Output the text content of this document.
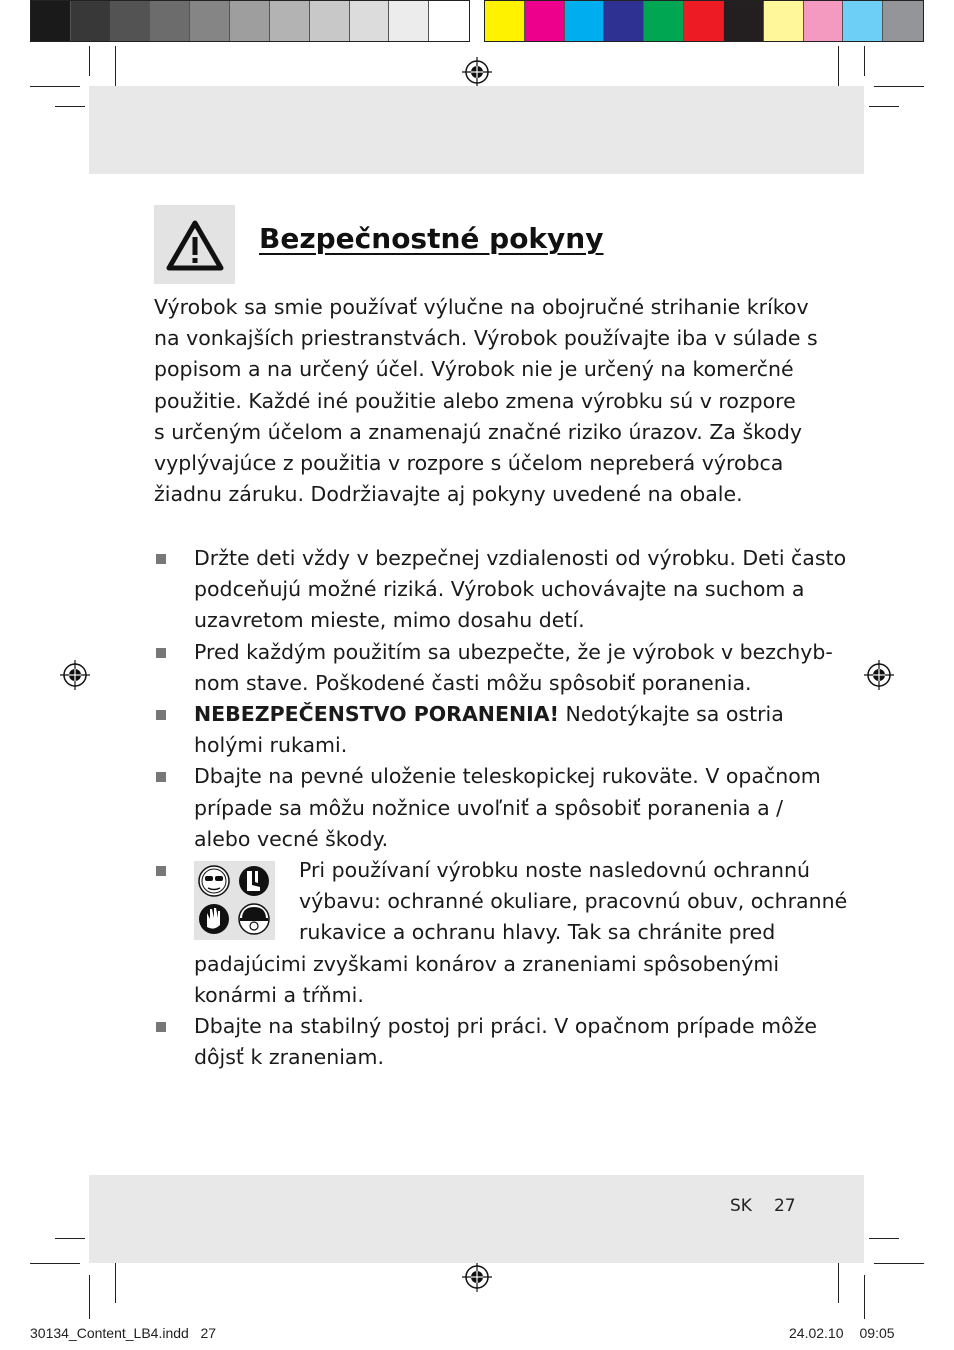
Bezpečnostné pokyny

Výrobok sa smie používať výlučne na obojručné strihanie kríkov
na vonkajších priestranstvách. Výrobok používajte iba v súlade s
popisom a na určený účel. Výrobok nie je určený na komerčné
použitie. Každé iné použitie alebo zmena výrobku sú v rozpore
s určeným účelom a znamenajú značné riziko úrazov. Za škody
vyplývajúce z použitia v rozpore s účelom nepreberá výrobca
žiadnu záruku. Dodržiavajte aj pokyny uvedené na obale.

Držte deti vždy v bezpečnej vzdialenosti od výrobku. Deti často
podceňujú možné riziká. Výrobok uchovávajte na suchom a
uzavretom mieste, mimo dosahu detí.
Pred každým použitím sa ubezpečte, že je výrobok v bezchyb-
nom stave. Poškodené časti môžu spôsobiť poranenia.
NEBEZPEČENSTVO PORANENIA! Nedotýkajte sa ostria
holými rukami.
Dbajte na pevné uloženie teleskopickej rukoväte. V opačnom
prípade sa môžu nožnice uvoľniť a spôsobiť poranenia a /
alebo vecné škody.
Pri používaní výrobku noste nasledovnú ochrannú
výbavu: ochranné okuliare, pracovnú obuv, ochranné
rukavice a ochranu hlavy. Tak sa chránite pred
padajúcimi zvyškami konárov a zraneniami spôsobenými
konármi a tŕňmi.
Dbajte na stabilný postoj pri práci. V opačnom prípade môže
dôjsť k zraneniam.
SK 27
30134_Content_LB4.indd   27	24.02.10 09:05
